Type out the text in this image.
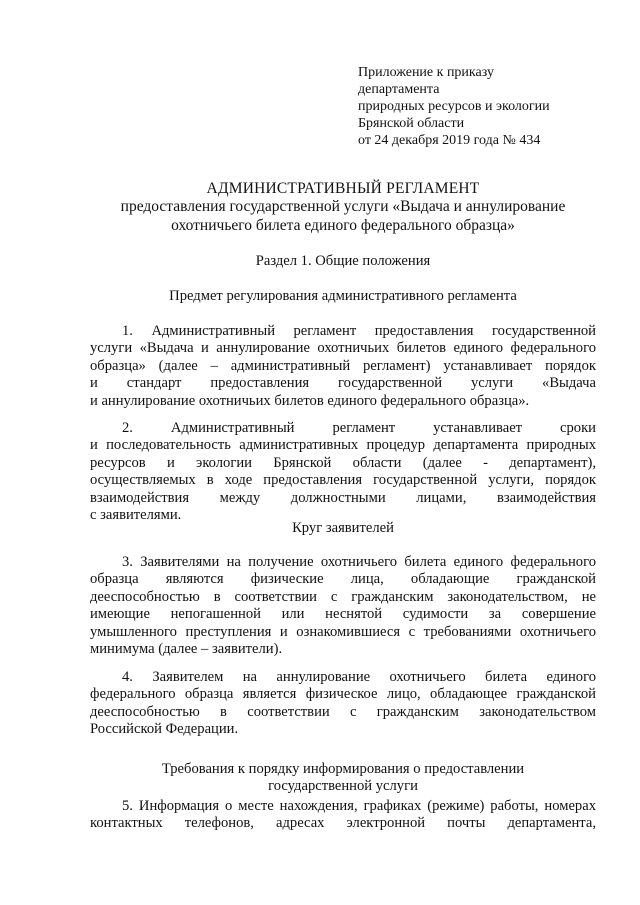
Приложение к приказу
департамента
природных ресурсов и экологии
Брянской области
от 24 декабря 2019 года № 434
АДМИНИСТРАТИВНЫЙ РЕГЛАМЕНТ
предоставления государственной услуги «Выдача и аннулирование
охотничьего билета единого федерального образца»
Раздел 1. Общие положения
Предмет регулирования административного регламента
1. Административный регламент предоставления государственной
услуги «Выдача и аннулирование охотничьих билетов единого федерального
образца» (далее – административный регламент) устанавливает порядок
и стандарт предоставления государственной услуги «Выдача
и аннулирование охотничьих билетов единого федерального образца».
2. Административный регламент устанавливает сроки
и последовательность административных процедур департамента природных
ресурсов и экологии Брянской области (далее - департамент),
осуществляемых в ходе предоставления государственной услуги, порядок
взаимодействия между должностными лицами, взаимодействия
с заявителями.
Круг заявителей
3. Заявителями на получение охотничьего билета единого федерального
образца являются физические лица, обладающие гражданской
дееспособностью в соответствии с гражданским законодательством, не
имеющие непогашенной или неснятой судимости за совершение
умышленного преступления и ознакомившиеся с требованиями охотничьего
минимума (далее – заявители).
4. Заявителем на аннулирование охотничьего билета единого
федерального образца является физическое лицо, обладающее гражданской
дееспособностью в соответствии с гражданским законодательством
Российской Федерации.
Требования к порядку информирования о предоставлении
государственной услуги
5. Информация о месте нахождения, графиках (режиме) работы, номерах
контактных телефонов, адресах электронной почты департамента,
